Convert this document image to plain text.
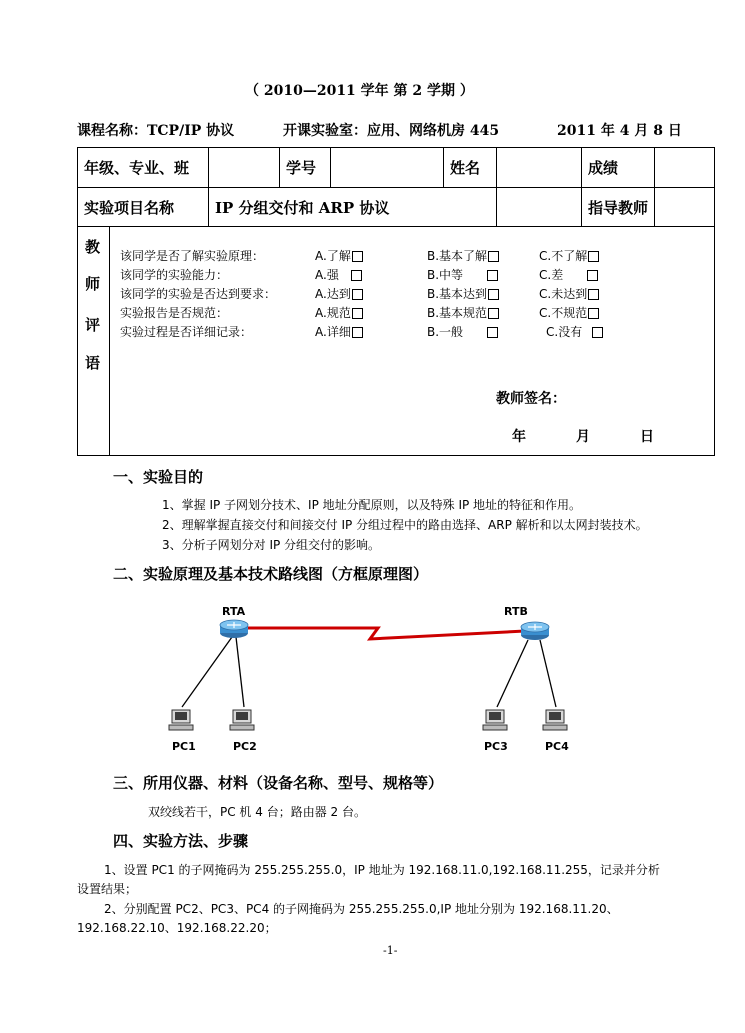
（ 2010—2011 学年 第 2 学期 ）
课程名称：TCP/IP 协议	开课实验室：应用、网络机房 445	2011 年 4 月 8 日
年级、专业、班		学号		姓名		成绩	
实验项目名称	IP 分组交付和 ARP 协议					指导教师	
教
师
评
语
该同学是否了解实验原理：	A.了解	B.基本了解	C.不了解
该同学的实验能力：	A.强	B.中等	C.差
该同学的实验是否达到要求：	A.达到	B.基本达到	C.未达到
实验报告是否规范：	A.规范	B.基本规范	C.不规范
实验过程是否详细记录：	A.详细	B.一般	C.没有
教师签名：
年	月	日
一、实验目的
1、掌握 IP 子网划分技术、IP 地址分配原则，以及特殊 IP 地址的特征和作用。
2、理解掌握直接交付和间接交付 IP 分组过程中的路由选择、ARP 解析和以太网封装技术。
3、分析子网划分对 IP 分组交付的影响。
二、实验原理及基本技术路线图（方框原理图）
RTA	RTB
PC1	PC2	PC3	PC4
三、所用仪器、材料（设备名称、型号、规格等）
双绞线若干，PC 机 4 台；路由器 2 台。
四、实验方法、步骤
1、设置 PC1 的子网掩码为 255.255.255.0，IP 地址为 192.168.11.0,192.168.11.255，记录并分析
设置结果；
2、分别配置 PC2、PC3、PC4 的子网掩码为 255.255.255.0,IP 地址分别为 192.168.11.20、
192.168.22.10、192.168.22.20；
-1-
